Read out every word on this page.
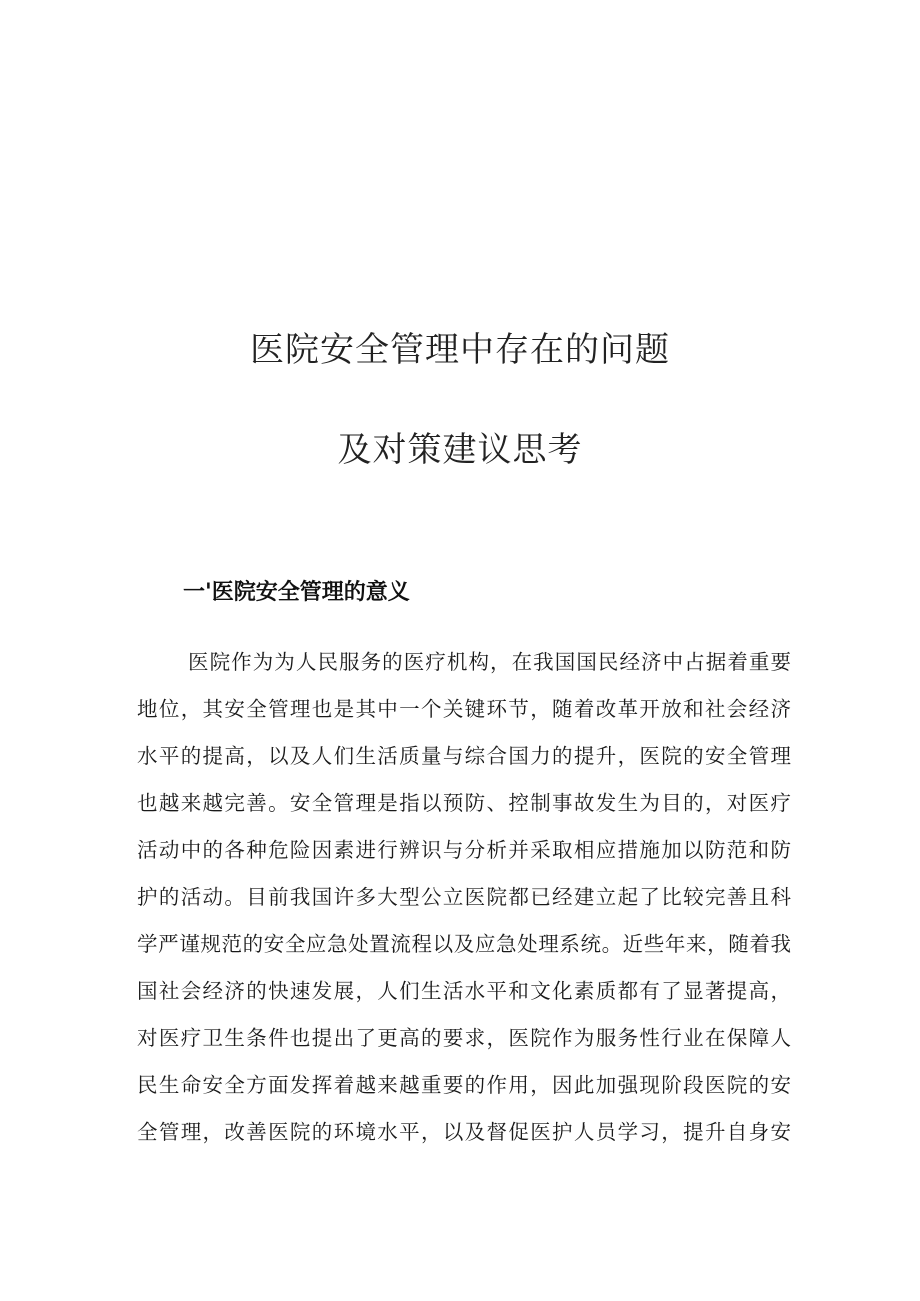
医院安全管理中存在的问题
及对策建议思考
一'医院安全管理的意义
医院作为为人民服务的医疗机构，在我国国民经济中占据着重要
地位，其安全管理也是其中一个关键环节，随着改革开放和社会经济
水平的提高，以及人们生活质量与综合国力的提升，医院的安全管理
也越来越完善。安全管理是指以预防、控制事故发生为目的，对医疗
活动中的各种危险因素进行辨识与分析并采取相应措施加以防范和防
护的活动。目前我国许多大型公立医院都已经建立起了比较完善且科
学严谨规范的安全应急处置流程以及应急处理系统。近些年来，随着我
国社会经济的快速发展，人们生活水平和文化素质都有了显著提高，
对医疗卫生条件也提出了更高的要求，医院作为服务性行业在保障人
民生命安全方面发挥着越来越重要的作用，因此加强现阶段医院的安
全管理，改善医院的环境水平，以及督促医护人员学习，提升自身安
